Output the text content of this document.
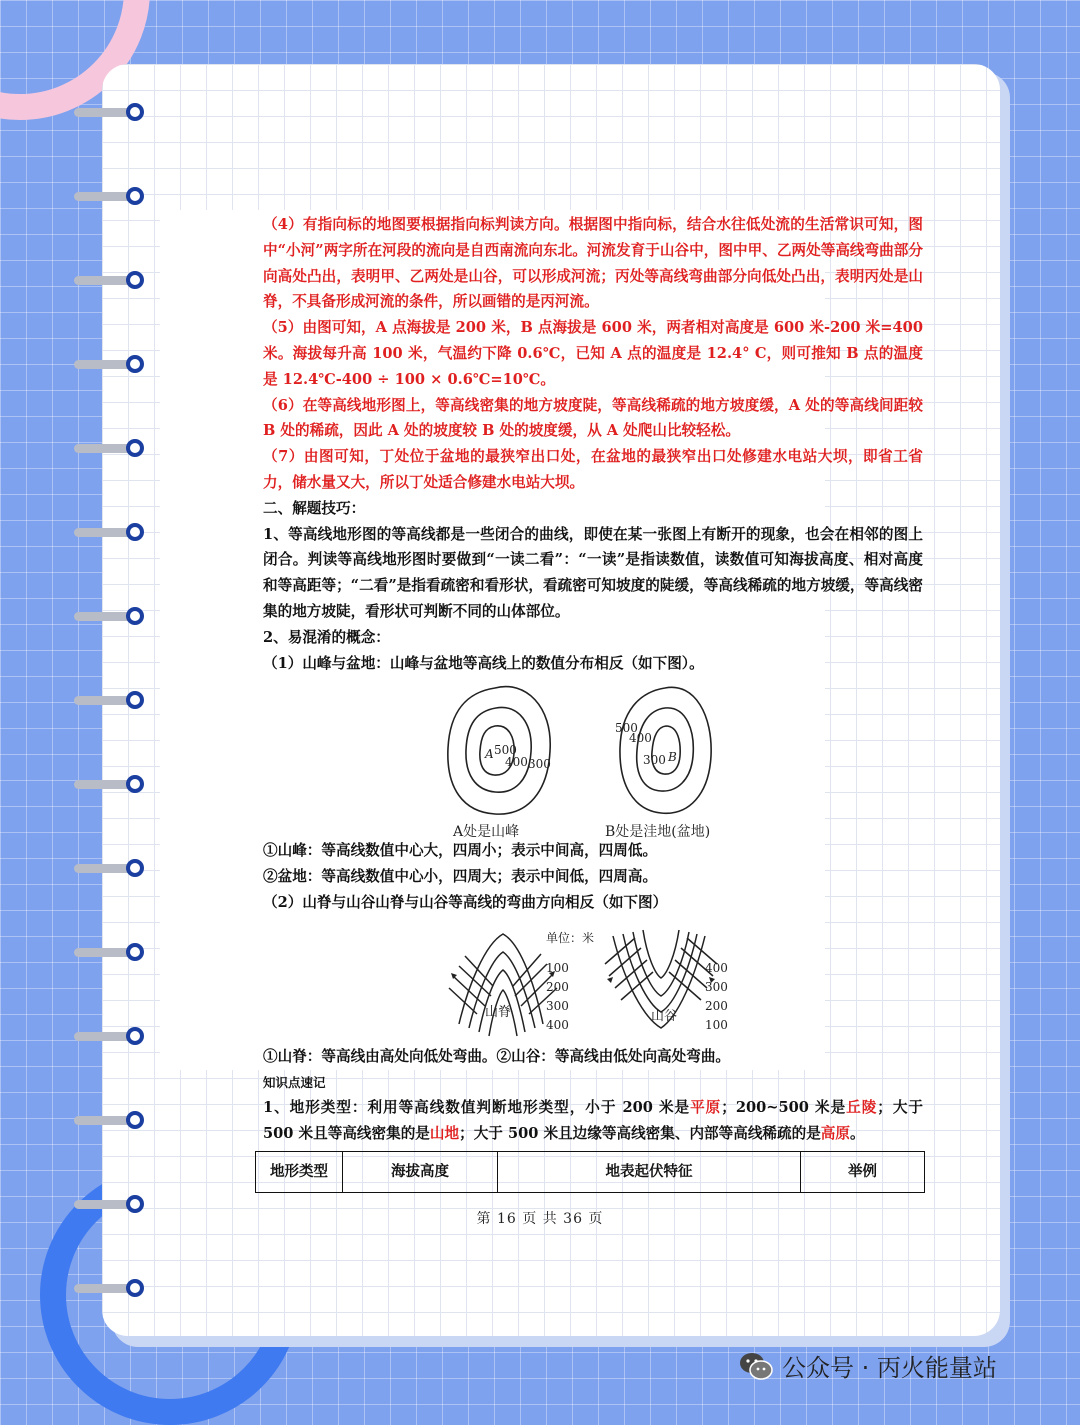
（4）有指向标的地图要根据指向标判读方向。根据图中指向标，结合水往低处流的生活常识可知，图中“小河”两字所在河段的流向是自西南流向东北。河流发育于山谷中，图中甲、乙两处等高线弯曲部分向高处凸出，表明甲、乙两处是山谷，可以形成河流；丙处等高线弯曲部分向低处凸出，表明丙处是山脊，不具备形成河流的条件，所以画错的是丙河流。

（5）由图可知，A 点海拔是 200 米，B 点海拔是 600 米，两者相对高度是 600 米-200 米=400 米。海拔每升高 100 米，气温约下降 0.6℃，已知 A 点的温度是 12.4° C，则可推知 B 点的温度是 12.4℃-400 ÷ 100 × 0.6℃=10℃。

（6）在等高线地形图上，等高线密集的地方坡度陡，等高线稀疏的地方坡度缓，A 处的等高线间距较 B 处的稀疏，因此 A 处的坡度较 B 处的坡度缓，从 A 处爬山比较轻松。

（7）由图可知，丁处位于盆地的最狭窄出口处，在盆地的最狭窄出口处修建水电站大坝，即省工省力，储水量又大，所以丁处适合修建水电站大坝。

二、解题技巧：

1、等高线地形图的等高线都是一些闭合的曲线，即使在某一张图上有断开的现象，也会在相邻的图上闭合。判读等高线地形图时要做到“一读二看”：“一读”是指读数值，读数值可知海拔高度、相对高度和等高距等；“二看”是指看疏密和看形状，看疏密可知坡度的陡缓，等高线稀疏的地方坡缓，等高线密集的地方坡陡，看形状可判断不同的山体部位。

2、易混淆的概念：

（1）山峰与盆地：山峰与盆地等高线上的数值分布相反（如下图）。

A 500
400 300
500
400
300 B
A处是山峰	B处是洼地(盆地)

①山峰：等高线数值中心大，四周小；表示中间高，四周低。

②盆地：等高线数值中心小，四周大；表示中间低，四周高。

（2）山脊与山谷山脊与山谷等高线的弯曲方向相反（如下图）

单位：米
100
200
300
400
山脊
400
300
200
100
山谷

①山脊：等高线由高处向低处弯曲。②山谷：等高线由低处向高处弯曲。

知识点速记

1、地形类型：利用等高线数值判断地形类型，小于 200 米是平原；200~500 米是丘陵；大于 500 米且等高线密集的是山地；大于 500 米且边缘等高线密集、内部等高线稀疏的是高原。

地形类型	海拔高度	地表起伏特征	举例
第 16 页 共 36 页
公众号 · 丙火能量站
